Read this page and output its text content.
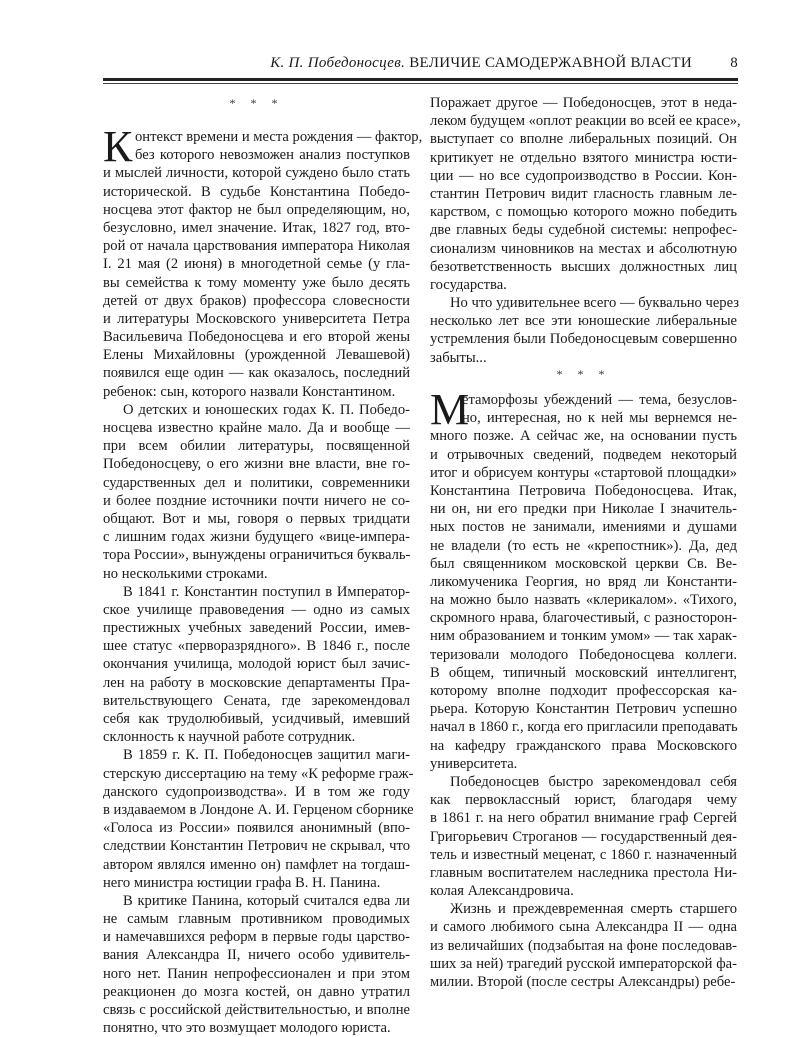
К. П. Победоносцев. ВЕЛИЧИЕ САМОДЕРЖАВНОЙ ВЛАСТИ	8
* * *
К онтекст времени и места рождения — фактор,
без которого невозможен анализ поступков
и мыслей личности, которой суждено было стать
исторической. В судьбе Константина Победо-
носцева этот фактор не был определяющим, но,
безусловно, имел значение. Итак, 1827 год, вто-
рой от начала царствования императора Николая
I. 21 мая (2 июня) в многодетной семье (у гла-
вы семейства к тому моменту уже было десять
детей от двух браков) профессора словесности
и литературы Московского университета Петра
Васильевича Победоносцева и его второй жены
Елены Михайловны (урожденной Левашевой)
появился еще один — как оказалось, последний
ребенок: сын, которого назвали Константином.
О детских и юношеских годах К. П. Победо-
носцева известно крайне мало. Да и вообще —
при всем обилии литературы, посвященной
Победоносцеву, о его жизни вне власти, вне го-
сударственных дел и политики, современники
и более поздние источники почти ничего не со-
общают. Вот и мы, говоря о первых тридцати
с лишним годах жизни будущего «вице-импера-
тора России», вынуждены ограничиться букваль-
но несколькими строками.
В 1841 г. Константин поступил в Император-
ское училище правоведения — одно из самых
престижных учебных заведений России, имев-
шее статус «перворазрядного». В 1846 г., после
окончания училища, молодой юрист был зачис-
лен на работу в московские департаменты Пра-
вительствующего Сената, где зарекомендовал
себя как трудолюбивый, усидчивый, имевший
склонность к научной работе сотрудник.
В 1859 г. К. П. Победоносцев защитил маги-
стерскую диссертацию на тему «К реформе граж-
данского судопроизводства». И в том же году
в издаваемом в Лондоне А. И. Герценом сборнике
«Голоса из России» появился анонимный (впо-
следствии Константин Петрович не скрывал, что
автором являлся именно он) памфлет на тогдаш-
него министра юстиции графа В. Н. Панина.
В критике Панина, который считался едва ли
не самым главным противником проводимых
и намечавшихся реформ в первые годы царство-
вания Александра II, ничего особо удивитель-
ного нет. Панин непрофессионален и при этом
реакционен до мозга костей, он давно утратил
связь с российской действительностью, и вполне
понятно, что это возмущает молодого юриста.
Поражает другое — Победоносцев, этот в неда-
леком будущем «оплот реакции во всей ее красе»,
выступает со вполне либеральных позиций. Он
критикует не отдельно взятого министра юсти-
ции — но все судопроизводство в России. Кон-
стантин Петрович видит гласность главным ле-
карством, с помощью которого можно победить
две главных беды судебной системы: непрофес-
сионализм чиновников на местах и абсолютную
безответственность высших должностных лиц
государства.
Но что удивительнее всего — буквально через
несколько лет все эти юношеские либеральные
устремления были Победоносцевым совершенно
забыты...
* * *
М
етаморфозы убеждений — тема, безуслов-
но, интересная, но к ней мы вернемся не-
много позже. А сейчас же, на основании пусть
и отрывочных сведений, подведем некоторый
итог и обрисуем контуры «стартовой площадки»
Константина Петровича Победоносцева. Итак,
ни он, ни его предки при Николае I значитель-
ных постов не занимали, имениями и душами
не владели (то есть не «крепостник»). Да, дед
был священником московской церкви Св. Ве-
ликомученика Георгия, но вряд ли Константи-
на можно было назвать «клерикалом». «Тихого,
скромного нрава, благочестивый, с разносторон-
ним образованием и тонким умом» — так харак-
теризовали молодого Победоносцева коллеги.
В общем, типичный московский интеллигент,
которому вполне подходит профессорская ка-
рьера. Которую Константин Петрович успешно
начал в 1860 г., когда его пригласили преподавать
на кафедру гражданского права Московского
университета.
Победоносцев быстро зарекомендовал себя
как первоклассный юрист, благодаря чему
в 1861 г. на него обратил внимание граф Сергей
Григорьевич Строганов — государственный дея-
тель и известный меценат, с 1860 г. назначенный
главным воспитателем наследника престола Ни-
колая Александровича.
Жизнь и преждевременная смерть старшего
и самого любимого сына Александра II — одна
из величайших (подзабытая на фоне последовав-
ших за ней) трагедий русской императорской фа-
милии. Второй (после сестры Александры) ребе-
